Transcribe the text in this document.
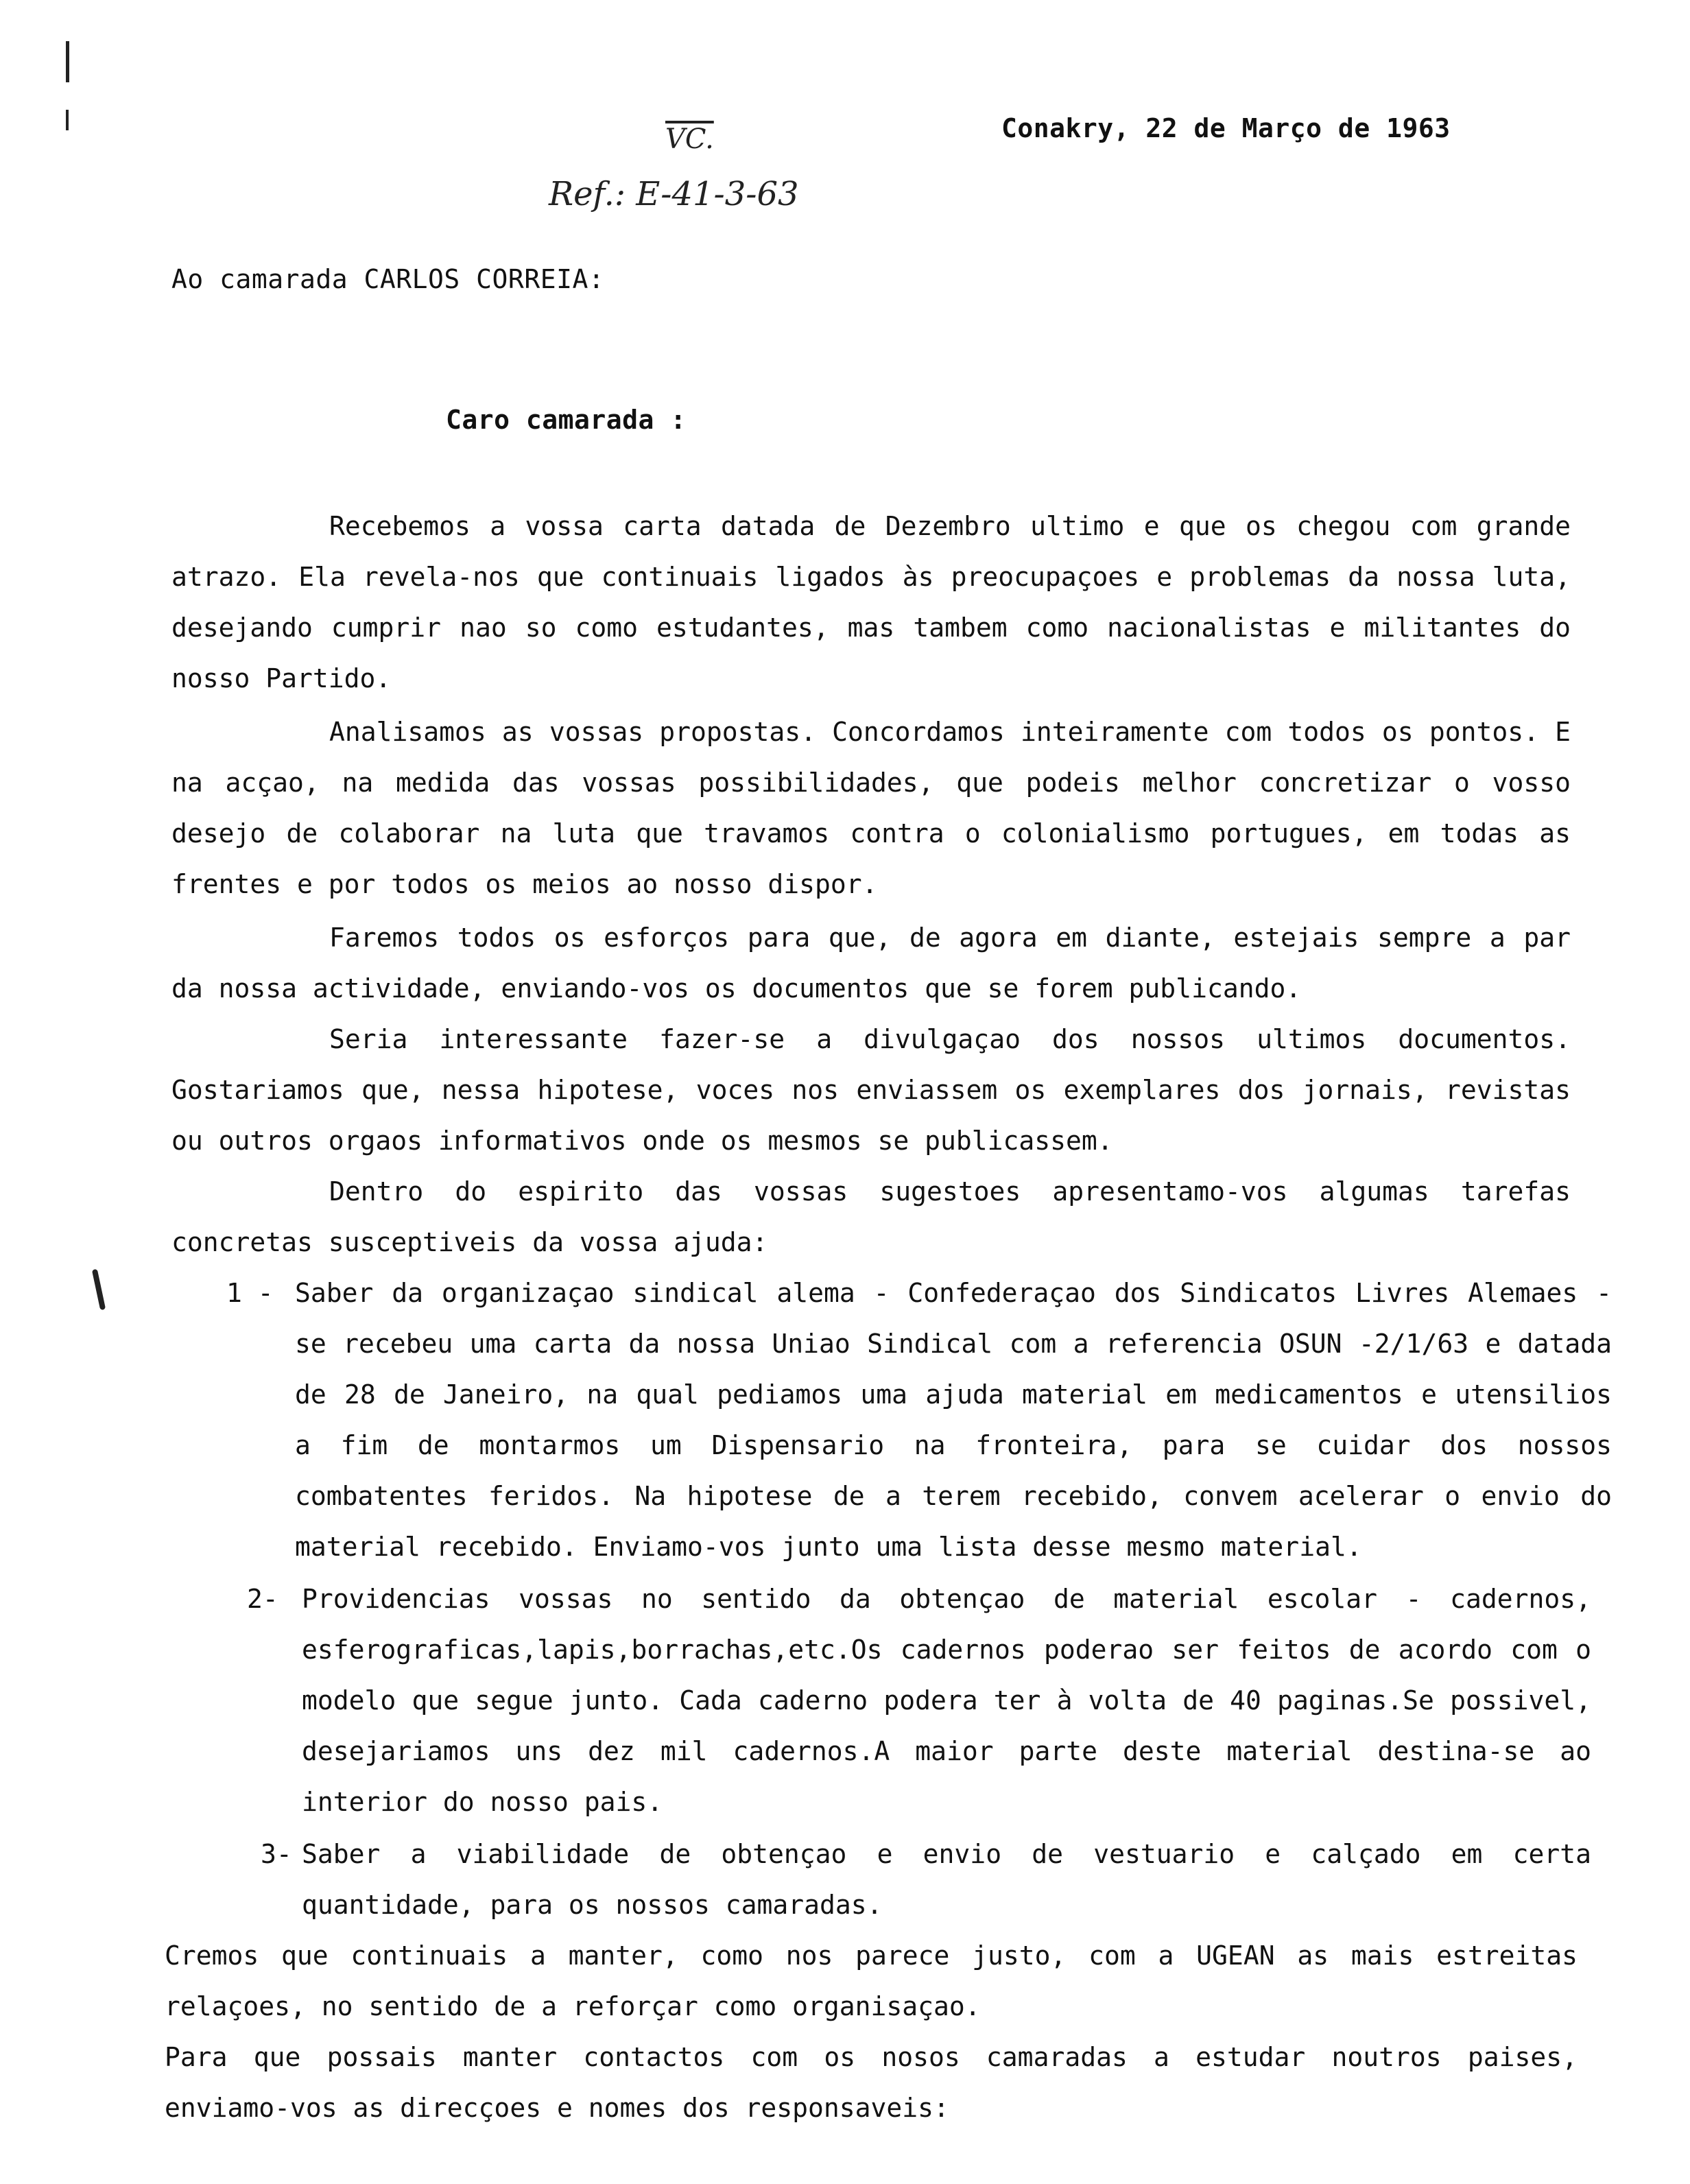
VC.	Conakry, 22 de Março de 1963
Ref.: E-41-3-63
Ao camarada CARLOS CORREIA:
Caro camarada :
Recebemos a vossa carta datada de Dezembro ultimo e que os chegou com grande atrazo. Ela revela-nos que continuais ligados às preocupaçoes e problemas da nossa luta, desejando cumprir nao so como estudantes, mas tambem como nacionalistas e militantes do nosso Partido.
Analisamos as vossas propostas. Concordamos inteiramente com todos os pontos. E na acçao, na medida das vossas possibilidades, que podeis melhor concretizar o vosso desejo de colaborar na luta que travamos contra o colonialismo portugues, em todas as frentes e por todos os meios ao nosso dispor.
Faremos todos os esforços para que, de agora em diante, estejais sempre a par da nossa actividade, enviando-vos os documentos que se forem publicando.
Seria interessante fazer-se a divulgaçao dos nossos ultimos documentos. Gostariamos que, nessa hipotese, voces nos enviassem os exemplares dos jornais, revistas ou outros orgaos informativos onde os mesmos se publicassem.
Dentro do espirito das vossas sugestoes apresentamo-vos algumas tarefas concretas susceptiveis da vossa ajuda:
1 - Saber da organizaçao sindical alema - Confederaçao dos Sindicatos Livres Alemaes - se recebeu uma carta da nossa Uniao Sindical com a referencia OSUN -2/1/63 e datada de 28 de Janeiro, na qual pediamos uma ajuda material em medicamentos e utensilios a fim de montarmos um Dispensario na fronteira, para se cuidar dos nossos combatentes feridos. Na hipotese de a terem recebido, convem acelerar o envio do material recebido. Enviamo-vos junto uma lista desse mesmo material.
2- Providencias vossas no sentido da obtençao de material escolar - cadernos, esferograficas,lapis,borrachas,etc.Os cadernos poderao ser feitos de acordo com o modelo que segue junto. Cada caderno podera ter à volta de 40 paginas.Se possivel, desejariamos uns dez mil cadernos.A maior parte deste material destina-se ao interior do nosso pais.
3- Saber a viabilidade de obtençao e envio de vestuario e calçado em certa quantidade, para os nossos camaradas.
Cremos que continuais a manter, como nos parece justo, com a UGEAN as mais estreitas relaçoes, no sentido de a reforçar como organisaçao.
Para que possais manter contactos com os nosos camaradas a estudar noutros paises, enviamo-vos as direcçoes e nomes dos responsaveis:
